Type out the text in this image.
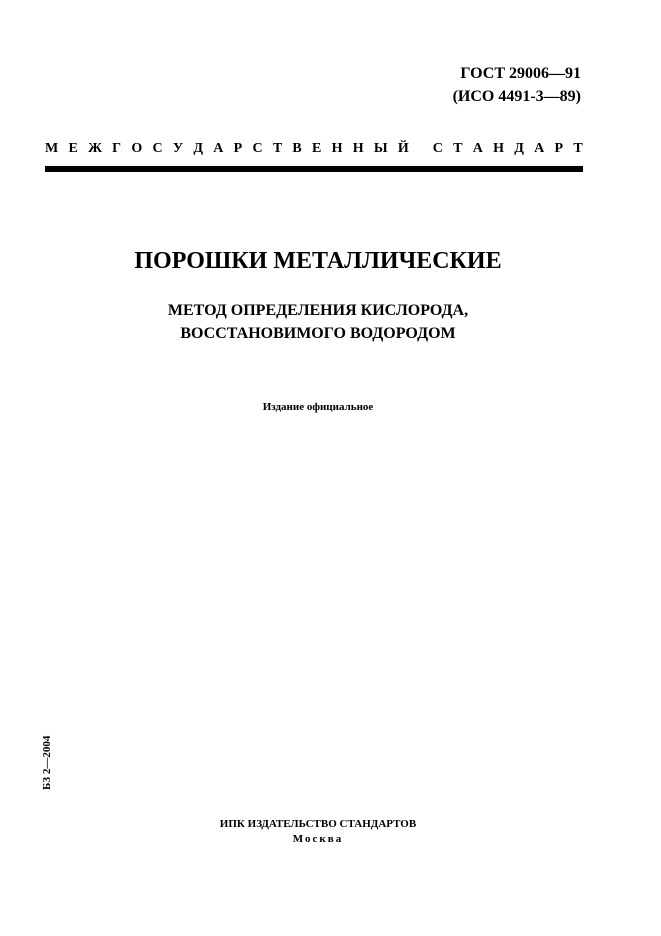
ГОСТ 29006—91
(ИСО 4491-3—89)
М Е Ж Г О С У Д А Р С Т В Е Н Н Ы Й
С Т А Н Д А Р Т
ПОРОШКИ МЕТАЛЛИЧЕСКИЕ
МЕТОД ОПРЕДЕЛЕНИЯ КИСЛОРОДА,
ВОССТАНОВИМОГО ВОДОРОДОМ
Издание официальное
БЗ 2—2004
ИПК ИЗДАТЕЛЬСТВО СТАНДАРТОВ
Москва
